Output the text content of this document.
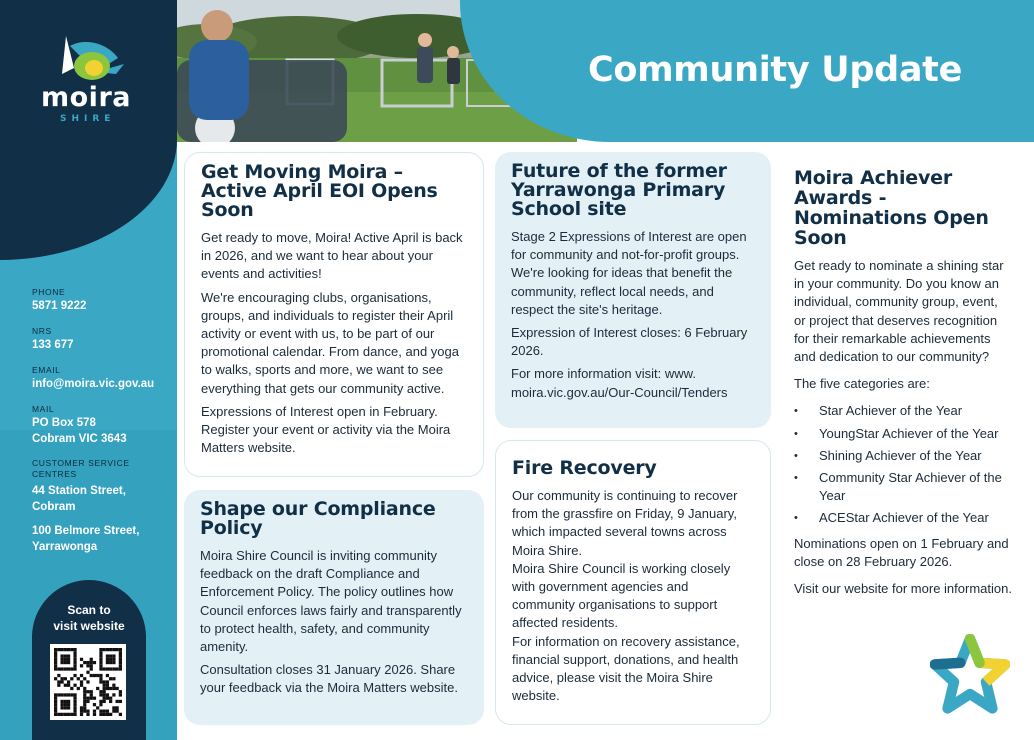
moira
SHIRE
PHONE
5871 9222
NRS
133 677
EMAIL
info@moira.vic.gov.au
MAIL
PO Box 578
Cobram VIC 3643
CUSTOMER SERVICE CENTRES
44 Station Street,
Cobram
100 Belmore Street,
Yarrawonga
Scan to
visit website
Community Update
Get Moving Moira – Active April EOI Opens Soon

Get ready to move, Moira! Active April is back in 2026, and we want to hear about your events and activities!

We're encouraging clubs, organisations, groups, and individuals to register their April activity or event with us, to be part of our promotional calendar. From dance, and yoga to walks, sports and more, we want to see everything that gets our community active.

Expressions of Interest open in February. Register your event or activity via the Moira Matters website.

Shape our Compliance Policy

Moira Shire Council is inviting community feedback on the draft Compliance and Enforcement Policy. The policy outlines how Council enforces laws fairly and transparently to protect health, safety, and community amenity.

Consultation closes 31 January 2026. Share your feedback via the Moira Matters website.

Future of the former Yarrawonga Primary School site

Stage 2 Expressions of Interest are open for community and not-for-profit groups. We're looking for ideas that benefit the community, reflect local needs, and respect the site's heritage.

Expression of Interest closes: 6 February 2026.

For more information visit: www. moira.vic.gov.au/Our-Council/Tenders

Fire Recovery

Our community is continuing to recover from the grassfire on Friday, 9 January, which impacted several towns across Moira Shire.

Moira Shire Council is working closely with government agencies and community organisations to support affected residents.

For information on recovery assistance, financial support, donations, and health advice, please visit the Moira Shire website.

Moira Achiever Awards - Nominations Open Soon

Get ready to nominate a shining star in your community. Do you know an individual, community group, event, or project that deserves recognition for their remarkable achievements and dedication to our community?

The five categories are:

• Star Achiever of the Year
• YoungStar Achiever of the Year
• Shining Achiever of the Year
• Community Star Achiever of the Year
• ACEStar Achiever of the Year

Nominations open on 1 February and close on 28 February 2026.

Visit our website for more information.
